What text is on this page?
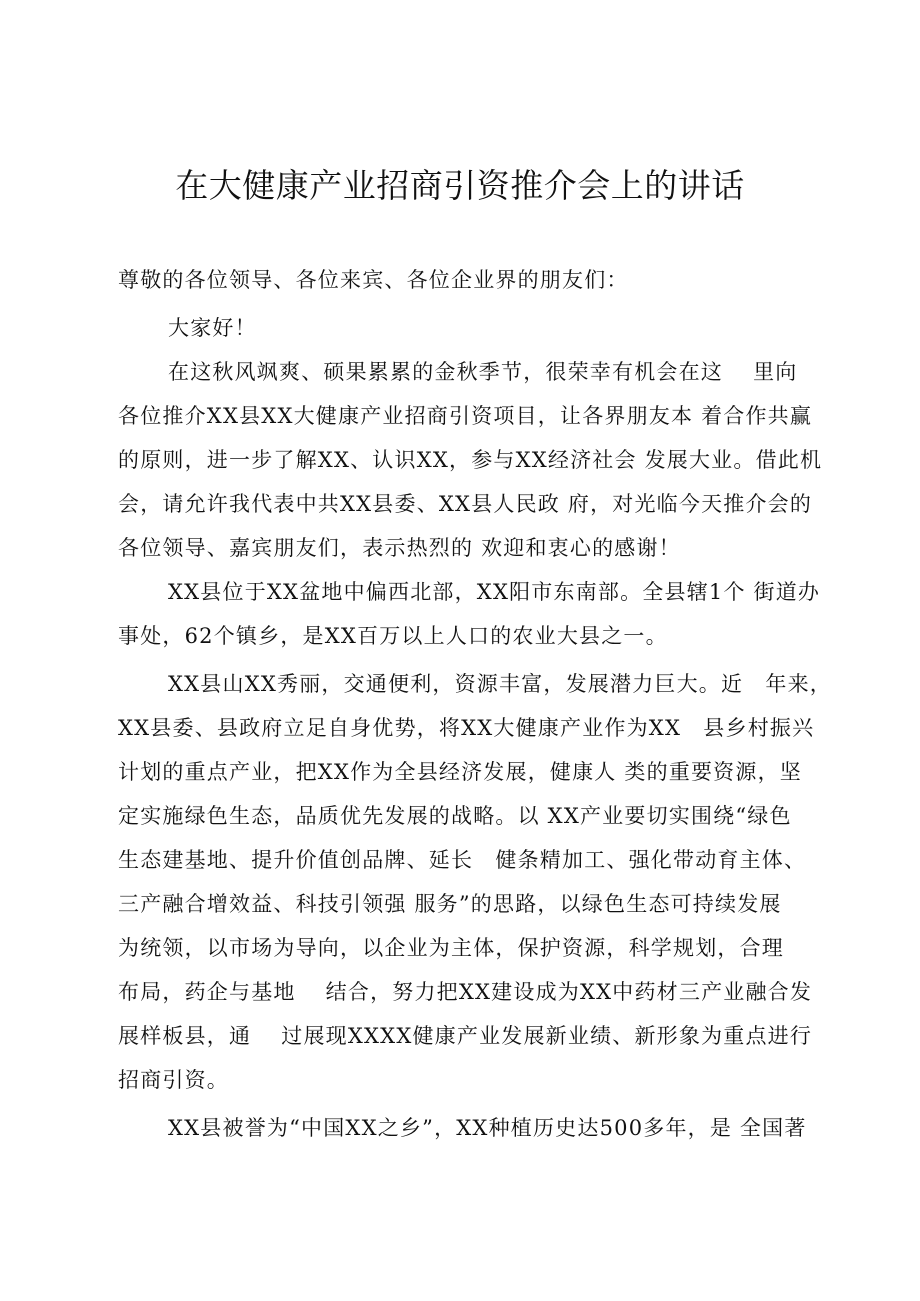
在大健康产业招商引资推介会上的讲话
尊敬的各位领导、各位来宾、各位企业界的朋友们：
大家好！
在这秋风飒爽、硕果累累的金秋季节，很荣幸有机会在这　 里向
各位推介XX县XX大健康产业招商引资项目，让各界朋友本 着合作共赢
的原则，进一步了解XX、认识XX，参与XX经济社会 发展大业。借此机
会，请允许我代表中共XX县委、XX县人民政 府，对光临今天推介会的
各位领导、嘉宾朋友们，表示热烈的 欢迎和衷心的感谢！
XX县位于XX盆地中偏西北部，XX阳市东南部。全县辖1个 街道办
事处，62个镇乡，是XX百万以上人口的农业大县之一。
XX县山XX秀丽，交通便利，资源丰富，发展潜力巨大。近　年来，
XX县委、县政府立足自身优势，将XX大健康产业作为XX　县乡村振兴
计划的重点产业，把XX作为全县经济发展，健康人 类的重要资源，坚
定实施绿色生态，品质优先发展的战略。以 XX产业要切实围绕“绿色
生态建基地、提升价值创品牌、延长　健条精加工、强化带动育主体、
三产融合增效益、科技引领强 服务”的思路，以绿色生态可持续发展
为统领，以市场为导向，以企业为主体，保护资源，科学规划，合理
布局，药企与基地　 结合，努力把XX建设成为XX中药材三产业融合发
展样板县，通　 过展现XXXX健康产业发展新业绩、新形象为重点进行
招商引资。
XX县被誉为“中国XX之乡”，XX种植历史达500多年，是 全国著
